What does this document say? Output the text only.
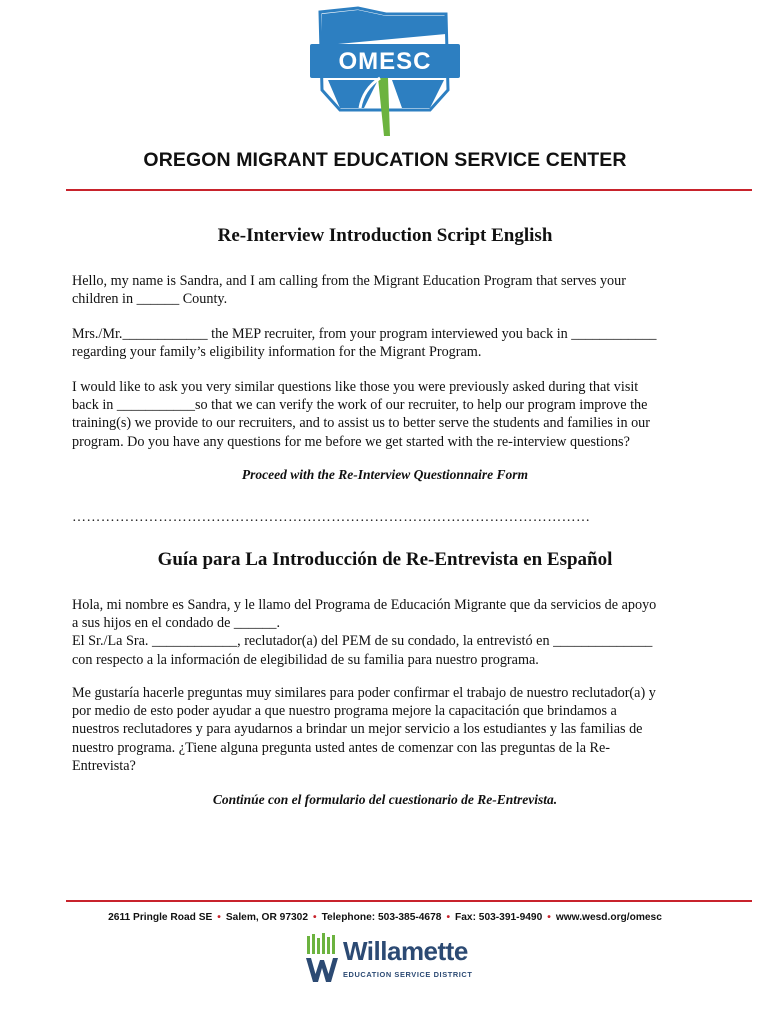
OMESC
OREGON MIGRANT EDUCATION SERVICE CENTER
Re-Interview Introduction Script English

Hello, my name is Sandra, and I am calling from the Migrant Education Program that serves your
children in ______ County.

Mrs./Mr.____________ the MEP recruiter, from your program interviewed you back in ____________
regarding your family’s eligibility information for the Migrant Program.

I would like to ask you very similar questions like those you were previously asked during that visit
back in ___________so that we can verify the work of our recruiter, to help our program improve the
training(s) we provide to our recruiters, and to assist us to better serve the students and families in our
program. Do you have any questions for me before we get started with the re-interview questions?

Proceed with the Re-Interview Questionnaire Form
………………………………………………………………………………………………
Guía para La Introducción de Re-Entrevista en Español

Hola, mi nombre es Sandra, y le llamo del Programa de Educación Migrante que da servicios de apoyo
a sus hijos en el condado de ______.
El Sr./La Sra. ____________, reclutador(a) del PEM de su condado, la entrevistó en ______________
con respecto a la información de elegibilidad de su familia para nuestro programa.

Me gustaría hacerle preguntas muy similares para poder confirmar el trabajo de nuestro reclutador(a) y
por medio de esto poder ayudar a que nuestro programa mejore la capacitación que brindamos a
nuestros reclutadores y para ayudarnos a brindar un mejor servicio a los estudiantes y las familias de
nuestro programa. ¿Tiene alguna pregunta usted antes de comenzar con las preguntas de la Re-
Entrevista?

Continúe con el formulario del cuestionario de Re-Entrevista.
2611 Pringle Road SE • Salem, OR 97302 • Telephone: 503-385-4678 • Fax: 503-391-9490 • www.wesd.org/omesc
Willamette
EDUCATION SERVICE DISTRICT
